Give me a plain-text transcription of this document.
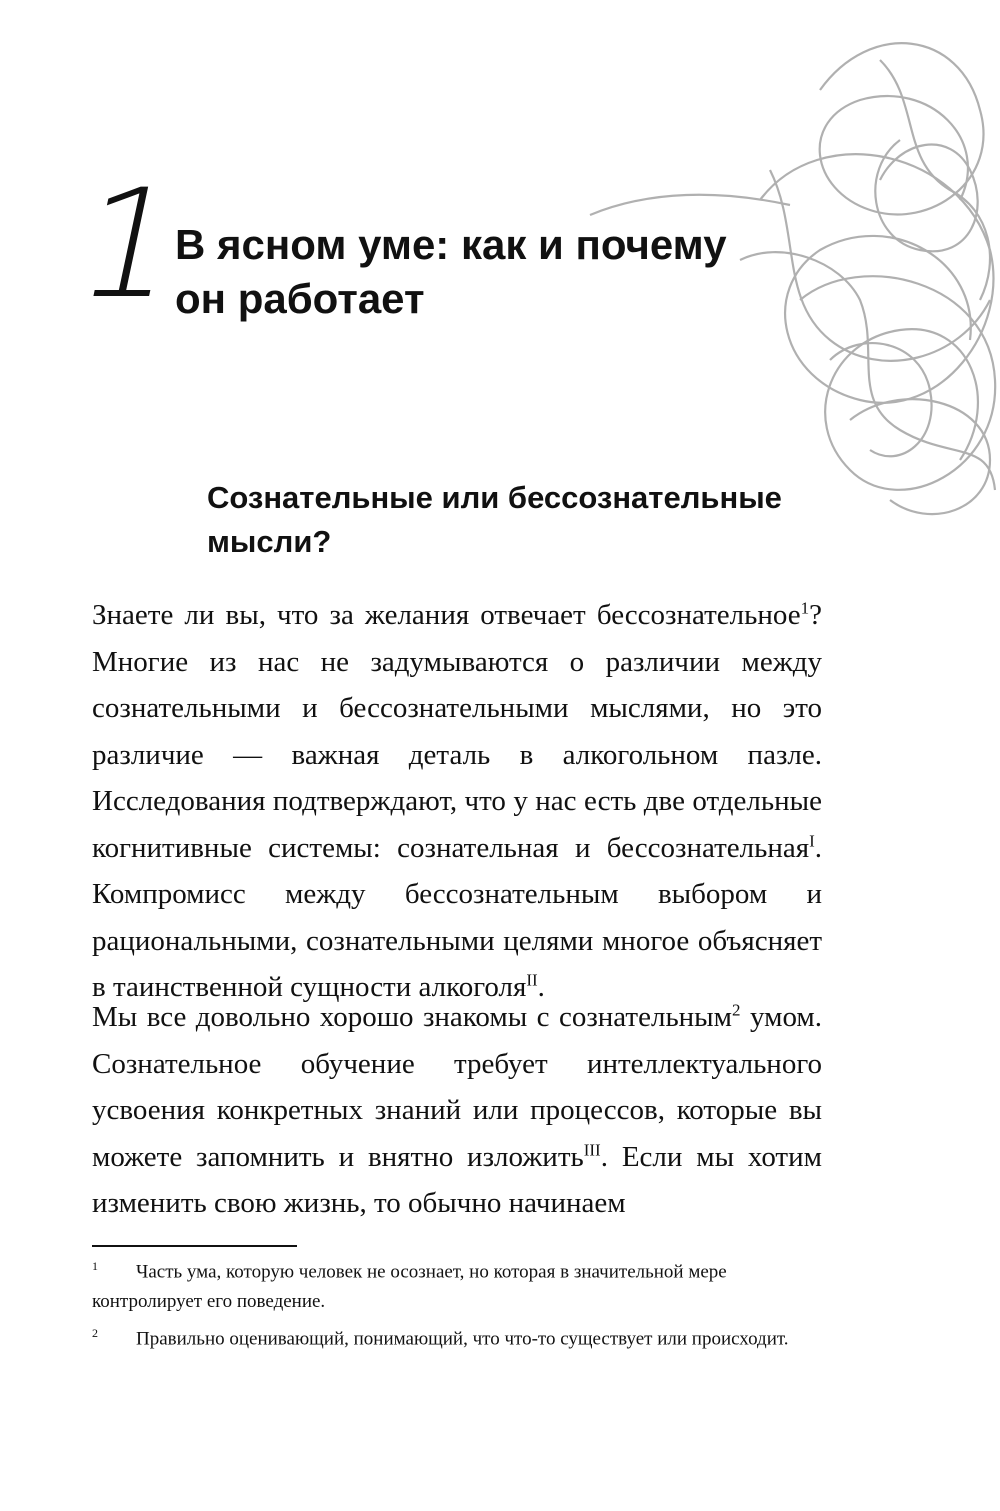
1
В ясном уме: как и почему он работает
Сознательные или бессознательные мысли?

Знаете ли вы, что за желания отвечает бессознательное$^1$? Многие из нас не задумываются о различии между сознательными и бессознательными мыслями, но это различие — важная деталь в алкогольном пазле. Исследования подтверждают, что у нас есть две отдельные когнитивные системы: сознательная и бессознательная$^I$. Компромисс между бессознательным выбором и рациональными, сознательными целями многое объясняет в таинственной сущности алкоголя$^{II}$.

Мы все довольно хорошо знакомы с сознательным$^2$ умом. Сознательное обучение требует интеллектуального усвоения конкретных знаний или процессов, которые вы можете запомнить и внятно изложить$^{III}$. Если мы хотим изменить свою жизнь, то обычно начинаем

$^1$ Часть ума, которую человек не осознает, но которая в значительной мере контролирует его поведение.

$^2$ Правильно оценивающий, понимающий, что что-то существует или происходит.
